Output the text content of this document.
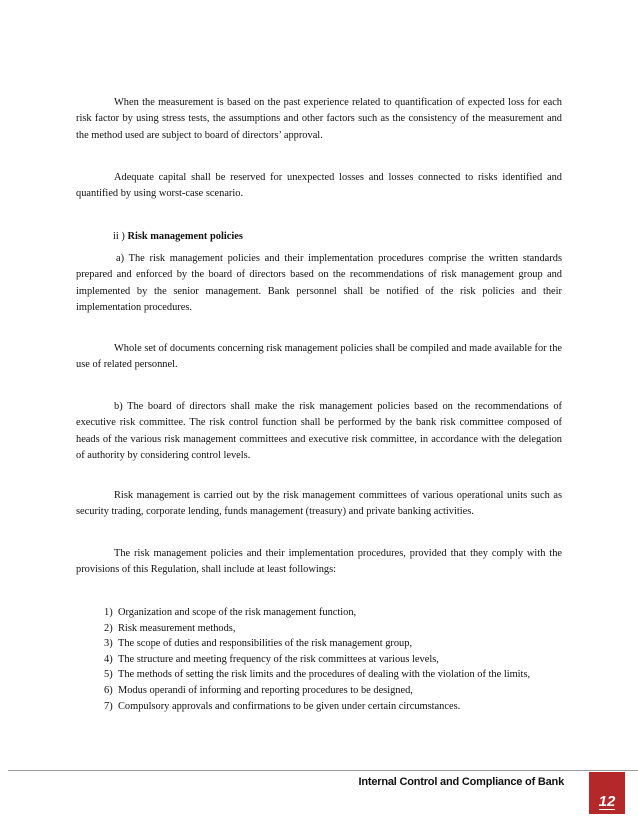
When the measurement is based on the past experience related to quantification of expected loss for each risk factor by using stress tests, the assumptions and other factors such as the consistency of the measurement and the method used are subject to board of directors’ approval.

Adequate capital shall be reserved for unexpected losses and losses connected to risks identified and quantified by using worst-case scenario.

ii ) Risk management policies

a) The risk management policies and their implementation procedures comprise the written standards prepared and enforced by the board of directors based on the recommendations of risk management group and implemented by the senior management. Bank personnel shall be notified of the risk policies and their implementation procedures.

Whole set of documents concerning risk management policies shall be compiled and made available for the use of related personnel.

b) The board of directors shall make the risk management policies based on the recommendations of executive risk committee. The risk control function shall be performed by the bank risk committee composed of heads of the various risk management committees and executive risk committee, in accordance with the delegation of authority by considering control levels.

Risk management is carried out by the risk management committees of various operational units such as security trading, corporate lending, funds management (treasury) and private banking activities.

The risk management policies and their implementation procedures, provided that they comply with the provisions of this Regulation, shall include at least followings:

1) Organization and scope of the risk management function,
2) Risk measurement methods,
3) The scope of duties and responsibilities of the risk management group,
4) The structure and meeting frequency of the risk committees at various levels,
5) The methods of setting the risk limits and the procedures of dealing with the violation of the limits,
6) Modus operandi of informing and reporting procedures to be designed,
7) Compulsory approvals and confirmations to be given under certain circumstances.

Internal Control and Compliance of Bank

12
